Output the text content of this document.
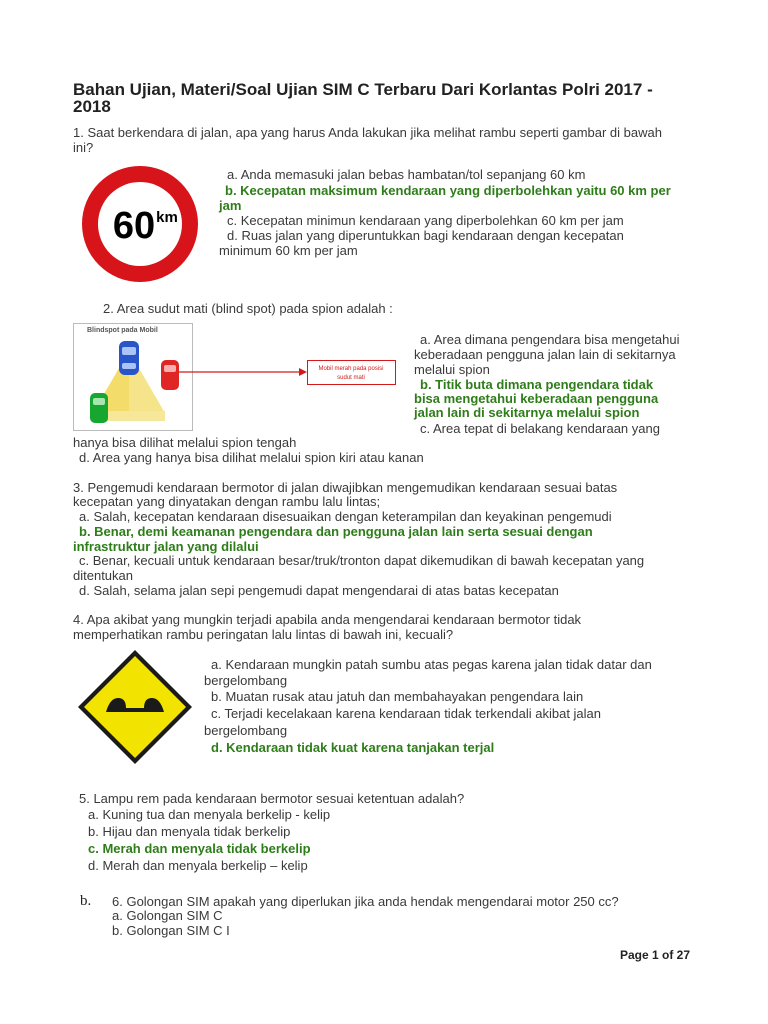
Bahan Ujian, Materi/Soal Ujian SIM C Terbaru Dari Korlantas Polri 2017 -
2018
1. Saat berkendara di jalan, apa yang harus Anda lakukan jika melihat rambu seperti gambar di bawah
ini?
60 km
a. Anda memasuki jalan bebas hambatan/tol sepanjang 60 km
b. Kecepatan maksimum kendaraan yang diperbolehkan yaitu 60 km per
jam
c. Kecepatan minimun kendaraan yang diperbolehkan 60 km per jam
d. Ruas jalan yang diperuntukkan bagi kendaraan dengan kecepatan
minimum 60 km per jam
2. Area sudut mati (blind spot) pada spion adalah :
Blindspot pada Mobil
Mobil merah pada posisi
sudut mati
a. Area dimana pengendara bisa mengetahui
keberadaan pengguna jalan lain di sekitarnya
melalui spion
b. Titik buta dimana pengendara tidak
bisa mengetahui keberadaan pengguna
jalan lain di sekitarnya melalui spion
c. Area tepat di belakang kendaraan yang
hanya bisa dilihat melalui spion tengah
d. Area yang hanya bisa dilihat melalui spion kiri atau kanan
3. Pengemudi kendaraan bermotor di jalan diwajibkan mengemudikan kendaraan sesuai batas
kecepatan yang dinyatakan dengan rambu lalu lintas;
a. Salah, kecepatan kendaraan disesuaikan dengan keterampilan dan keyakinan pengemudi
b. Benar, demi keamanan pengendara dan pengguna jalan lain serta sesuai dengan
infrastruktur jalan yang dilalui
c. Benar, kecuali untuk kendaraan besar/truk/tronton dapat dikemudikan di bawah kecepatan yang
ditentukan
d. Salah, selama jalan sepi pengemudi dapat mengendarai di atas batas kecepatan
4. Apa akibat yang mungkin terjadi apabila anda mengendarai kendaraan bermotor tidak
memperhatikan rambu peringatan lalu lintas di bawah ini, kecuali?
a. Kendaraan mungkin patah sumbu atas pegas karena jalan tidak datar dan
bergelombang
b. Muatan rusak atau jatuh dan membahayakan pengendara lain
c. Terjadi kecelakaan karena kendaraan tidak terkendali akibat jalan
bergelombang
d. Kendaraan tidak kuat karena tanjakan terjal
5. Lampu rem pada kendaraan bermotor sesuai ketentuan adalah?
a. Kuning tua dan menyala berkelip - kelip
b. Hijau dan menyala tidak berkelip
c. Merah dan menyala tidak berkelip
d. Merah dan menyala berkelip – kelip
b. 6. Golongan SIM apakah yang diperlukan jika anda hendak mengendarai motor 250 cc?
a. Golongan SIM C
b. Golongan SIM C I
Page 1 of 27
